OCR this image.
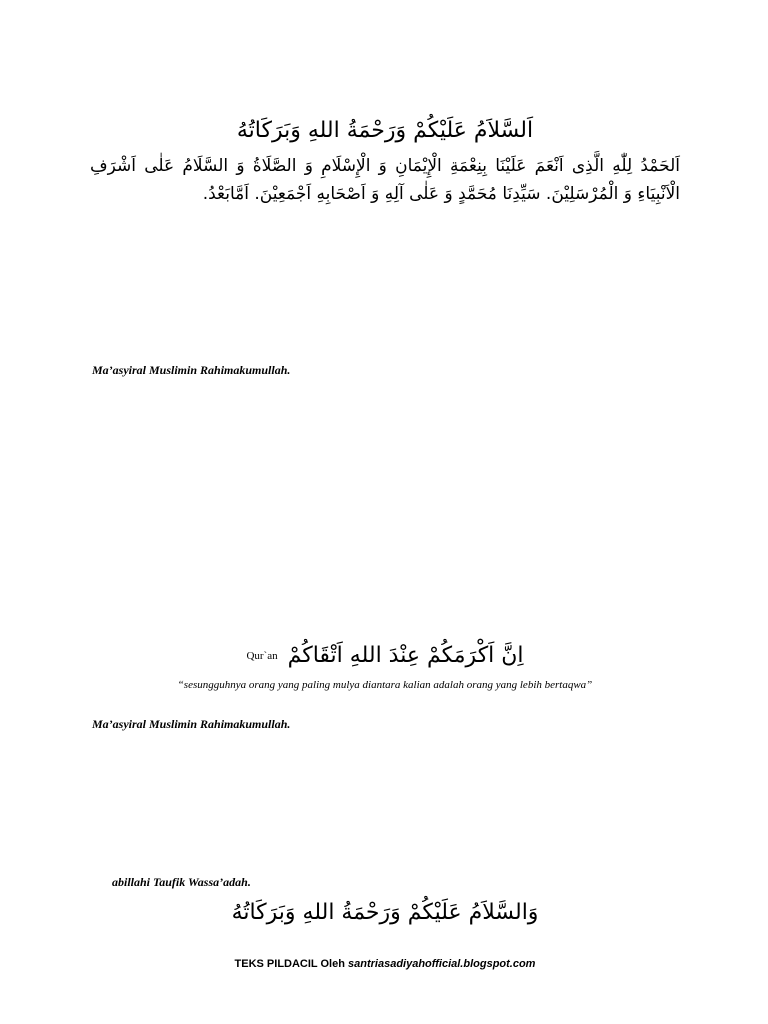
اَلسَّلاَمُ عَلَيْكُمْ وَرَحْمَةُ اللهِ وَبَرَكَاتُهُ
اَلحَمْدُ لِلّٰهِ الَّذِى اَنْعَمَ عَلَيْنَا بِنِعْمَةِ الْإِيْمَانِ وَ الْإِسْلَامِ وَ الصَّلَاةُ وَ السَّلَامُ عَلٰى اَشْرَفِ الْاَنْبِيَاءِ وَ الْمُرْسَلِيْنَ. سَيِّدِنَا مُحَمَّدٍ وَ عَلٰى آلِهِ وَ اَصْحَابِهِ اَجْمَعِيْنَ. اَمَّابَعْدُ.
Ma’asyiral Muslimin Rahimakumullah.
Qur`an اِنَّ اَكْرَمَكُمْ عِنْدَ اللهِ اَتْقَاكُمْ
“sesungguhnya orang yang paling mulya diantara kalian adalah orang yang lebih bertaqwa”
Ma’asyiral Muslimin Rahimakumullah.
abillahi Taufik Wassa’adah.
وَالسَّلاَمُ عَلَيْكُمْ وَرَحْمَةُ اللهِ وَبَرَكَاتُهُ
TEKS PILDACIL Oleh santriasadiyahofficial.blogspot.com
